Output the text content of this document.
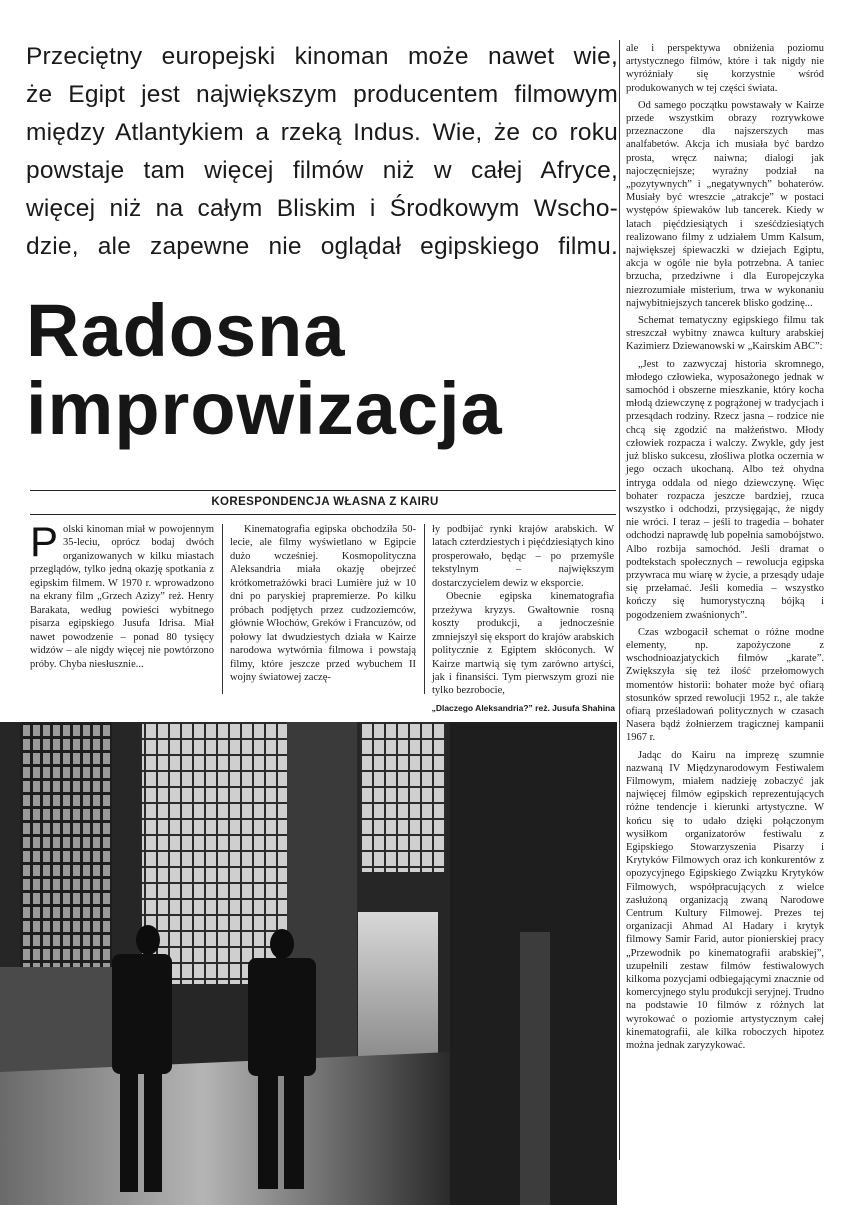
Przeciętny europejski kinoman może nawet wie,
że Egipt jest największym producentem filmowym
między Atlantykiem a rzeką Indus. Wie, że co roku
powstaje tam więcej filmów niż w całej Afryce,
więcej niż na całym Bliskim i Środkowym Wscho-
dzie, ale zapewne nie oglądał egipskiego filmu.
Radosna
improwizacja
KORESPONDENCJA WŁASNA Z KAIRU

Polski kinoman miał w powojennym 35-leciu, oprócz bodaj dwóch organizowanych w kilku miastach przeglądów, tylko jedną okazję spotkania z egipskim filmem. W 1970 r. wprowadzono na ekrany film „Grzech Azizy” reż. Henry Barakata, według powieści wybitnego pisarza egipskiego Jusufa Idrisa. Miał nawet powodzenie – ponad 80 tysięcy widzów – ale nigdy więcej nie powtórzono próby. Chyba niesłusznie...

Kinematografia egipska obchodziła 50-lecie, ale filmy wyświetlano w Egipcie dużo wcześniej. Kosmopolityczna Aleksandria miała okazję obejrzeć krótkometrażówki braci Lumière już w 10 dni po paryskiej prapremierze. Po kilku próbach podjętych przez cudzoziemców, głównie Włochów, Greków i Francuzów, od połowy lat dwudziestych działa w Kairze narodowa wytwórnia filmowa i powstają filmy, które jeszcze przed wybuchem II wojny światowej zaczę-

ły podbijać rynki krajów arabskich. W latach czterdziestych i pięćdziesiątych kino prosperowało, będąc – po przemyśle tekstylnym – największym dostarczycielem dewiz w eksporcie.

Obecnie egipska kinematografia przeżywa kryzys. Gwałtownie rosną koszty produkcji, a jednocześnie zmniejszył się eksport do krajów arabskich politycznie z Egiptem skłóconych. W Kairze martwią się tym zarówno artyści, jak i finansiści. Tym pierwszym grozi nie tylko bezrobocie,

„Dlaczego Aleksandria?” reż. Jusufa Shahina

ale i perspektywa obniżenia poziomu artystycznego filmów, które i tak nigdy nie wyróżniały się korzystnie wśród produkowanych w tej części świata.

Od samego początku powstawały w Kairze przede wszystkim obrazy rozrywkowe przeznaczone dla najszerszych mas analfabetów. Akcja ich musiała być bardzo prosta, wręcz naiwna; dialogi jak najoczęcniejsze; wyraźny podział na „pozytywnych” i „negatywnych” bohaterów. Musiały być wreszcie „atrakcje” w postaci występów śpiewaków lub tancerek. Kiedy w latach pięćdziesiątych i sześćdziesiątych realizowano filmy z udziałem Umm Kalsum, największej śpiewaczki w dziejach Egiptu, akcja w ogóle nie była potrzebna. A taniec brzucha, przedziwne i dla Europejczyka niezrozumiałe misterium, trwa w wykonaniu najwybitniejszych tancerek blisko godzinę...

Schemat tematyczny egipskiego filmu tak streszczał wybitny znawca kultury arabskiej Kazimierz Dziewanowski w „Kairskim ABC”:

„Jest to zazwyczaj historia skromnego, młodego człowieka, wyposażonego jednak w samochód i obszerne mieszkanie, który kocha młodą dziewczynę z pogrążonej w tradycjach i przesądach rodziny. Rzecz jasna – rodzice nie chcą się zgodzić na małżeństwo. Młody człowiek rozpacza i walczy. Zwykle, gdy jest już blisko sukcesu, złośliwa plotka oczernia w jego oczach ukochaną. Albo też ohydna intryga oddala od niego dziewczynę. Więc bohater rozpacza jeszcze bardziej, rzuca wszystko i odchodzi, przysięgając, że nigdy nie wróci. I teraz – jeśli to tragedia – bohater odchodzi naprawdę lub popełnia samobójstwo. Albo rozbija samochód. Jeśli dramat o podtekstach społecznych – rewolucja egipska przywraca mu wiarę w życie, a przesądy udaje się przełamać. Jeśli komedia – wszystko kończy się humorystyczną bójką i pogodzeniem zwaśnionych”.

Czas wzbogacił schemat o różne modne elementy, np. zapożyczone z wschodnioazjatyckich filmów „karate”. Zwiększyła się też ilość przełomowych momentów historii: bohater może być ofiarą stosunków sprzed rewolucji 1952 r., ale także ofiarą prześladowań politycznych w czasach Nasera bądź żołnierzem tragicznej kampanii 1967 r.

Jadąc do Kairu na imprezę szumnie nazwaną IV Międzynarodowym Festiwalem Filmowym, miałem nadzieję zobaczyć jak najwięcej filmów egipskich reprezentujących różne tendencje i kierunki artystyczne. W końcu się to udało dzięki połączonym wysiłkom organizatorów festiwalu z Egipskiego Stowarzyszenia Pisarzy i Krytyków Filmowych oraz ich konkurentów z opozycyjnego Egipskiego Związku Krytyków Filmowych, współpracujących z wielce zasłużoną organizacją zwaną Narodowe Centrum Kultury Filmowej. Prezes tej organizacji Ahmad Al Hadary i krytyk filmowy Samir Farid, autor pionierskiej pracy „Przewodnik po kinematografii arabskiej”, uzupełnili zestaw filmów festiwalowych kilkoma pozycjami odbiegającymi znacznie od komercyjnego stylu produkcji seryjnej. Trudno na podstawie 10 filmów z różnych lat wyrokować o poziomie artystycznym całej kinematografii, ale kilka roboczych hipotez można jednak zaryzykować.
